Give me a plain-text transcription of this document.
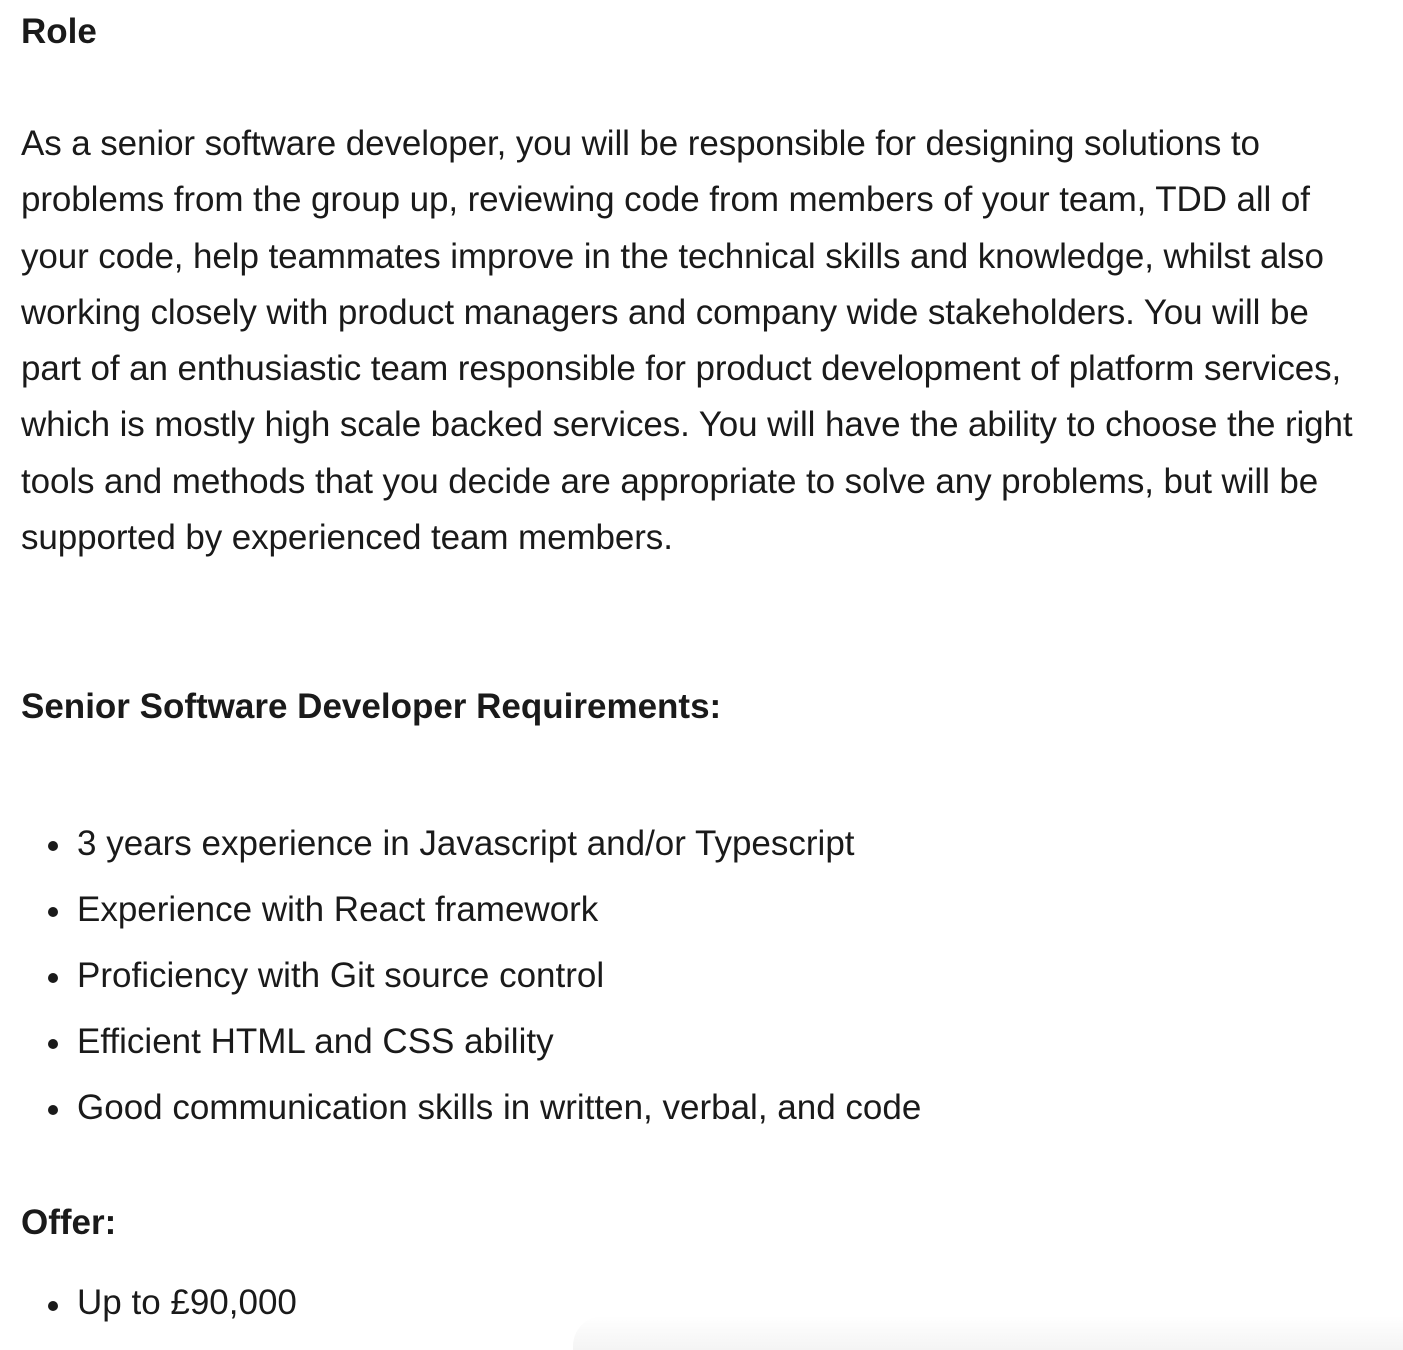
Role

As a senior software developer, you will be responsible for designing solutions to problems from the group up, reviewing code from members of your team, TDD all of your code, help teammates improve in the technical skills and knowledge, whilst also working closely with product managers and company wide stakeholders. You will be part of an enthusiastic team responsible for product development of platform services, which is mostly high scale backed services. You will have the ability to choose the right tools and methods that you decide are appropriate to solve any problems, but will be supported by experienced team members.

Senior Software Developer Requirements:
3 years experience in Javascript and/or Typescript
Experience with React framework
Proficiency with Git source control
Efficient HTML and CSS ability
Good communication skills in written, verbal, and code
Offer:
Up to £90,000
